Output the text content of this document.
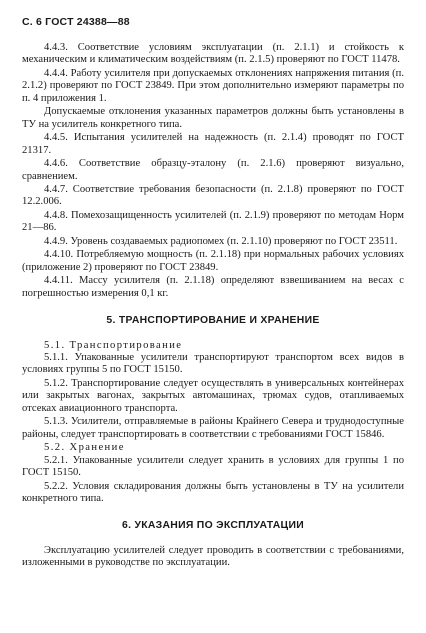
С. 6 ГОСТ 24388—88

4.4.3. Соответствие условиям эксплуатации (п. 2.1.1) и стойкость к механическим и климатическим воздействиям (п. 2.1.5) проверяют по ГОСТ 11478.

4.4.4. Работу усилителя при допускаемых отклонениях напряжения питания (п. 2.1.2) проверяют по ГОСТ 23849. При этом дополнительно измеряют параметры по п. 4 приложения 1.

Допускаемые отклонения указанных параметров должны быть установлены в ТУ на усилитель конкретного типа.

4.4.5. Испытания усилителей на надежность (п. 2.1.4) проводят по ГОСТ 21317.

4.4.6. Соответствие образцу-эталону (п. 2.1.6) проверяют визуально, сравнением.

4.4.7. Соответствие требования безопасности (п. 2.1.8) проверяют по ГОСТ 12.2.006.

4.4.8. Помехозащищенность усилителей (п. 2.1.9) проверяют по методам Норм 21—86.

4.4.9. Уровень создаваемых радиопомех (п. 2.1.10) проверяют по ГОСТ 23511.

4.4.10. Потребляемую мощность (п. 2.1.18) при нормальных рабочих условиях (приложение 2) проверяют по ГОСТ 23849.

4.4.11. Массу усилителя (п. 2.1.18) определяют взвешиванием на весах с погрешностью измерения 0,1 кг.

5. ТРАНСПОРТИРОВАНИЕ И ХРАНЕНИЕ

5.1. Транспортирование

5.1.1. Упакованные усилители транспортируют транспортом всех видов в условиях группы 5 по ГОСТ 15150.

5.1.2. Транспортирование следует осуществлять в универсальных контейнерах или закрытых вагонах, закрытых автомашинах, трюмах судов, отапливаемых отсеках авиационного транспорта.

5.1.3. Усилители, отправляемые в районы Крайнего Севера и труднодоступные районы, следует транспортировать в соответствии с требованиями ГОСТ 15846.

5.2. Хранение

5.2.1. Упакованные усилители следует хранить в условиях для группы 1 по ГОСТ 15150.

5.2.2. Условия складирования должны быть установлены в ТУ на усилители конкретного типа.

6. УКАЗАНИЯ ПО ЭКСПЛУАТАЦИИ

Эксплуатацию усилителей следует проводить в соответствии с требованиями, изложенными в руководстве по эксплуатации.
